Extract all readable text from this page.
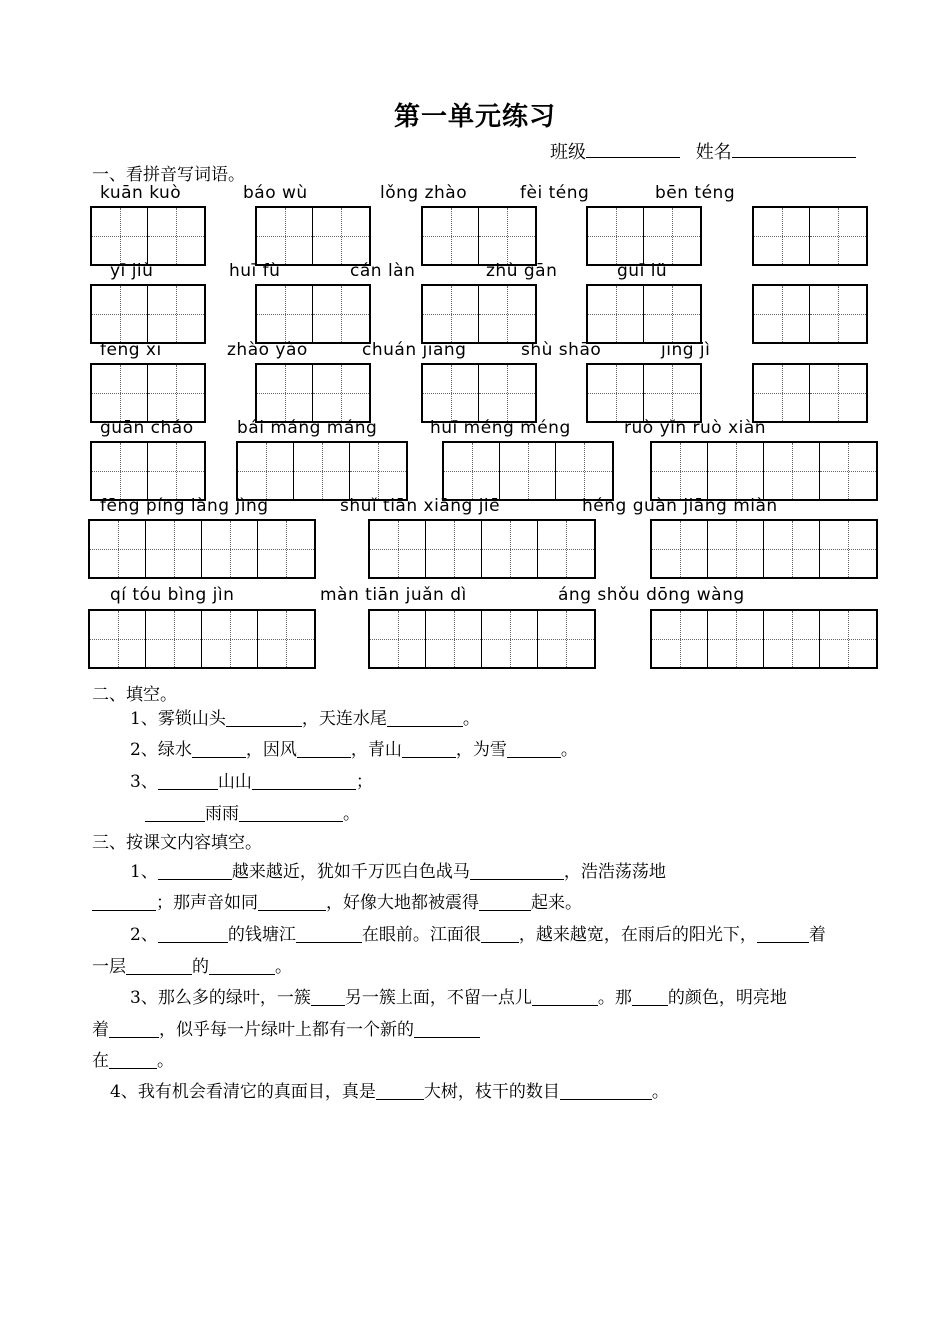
第一单元练习
班级	姓名
一、看拼音写词语。
kuān kuò	báo wù	lǒng zhào	fèi téng	bēn téng
yī jiù	huī fù	cán làn	zhù gān	guī lü
fēng xī	zhào yào	chuán jiāng	shù shāo	jīng jì
guān cháo	bái máng máng	huī méng méng	ruò yǐn ruò xiàn
fēng píng làng jìng	shuǐ tiān xiāng jiē	héng guàn jiāng miàn
qí tóu bìng jìn	màn tiān juǎn dì	áng shǒu dōng wàng
二、填空。
1、雾锁山头	，天连水尾	。
2、绿水	，因风	，青山	，为雪	。
3、	山山	；
雨雨	。
三、按课文内容填空。
1、	越来越近，犹如千万匹白色战马	，浩浩荡荡地
；那声音如同	，好像大地都被震得	起来。
2、	的钱塘江	在眼前。江面很 ，越来越宽，在雨后的阳光下，	着
一层	的	。
3、那么多的绿叶，一簇 另一簇上面，不留一点儿	。那 的颜色，明亮地
着	，似乎每一片绿叶上都有一个新的
在	。
4、我有机会看清它的真面目，真是	大树，枝干的数目	。
